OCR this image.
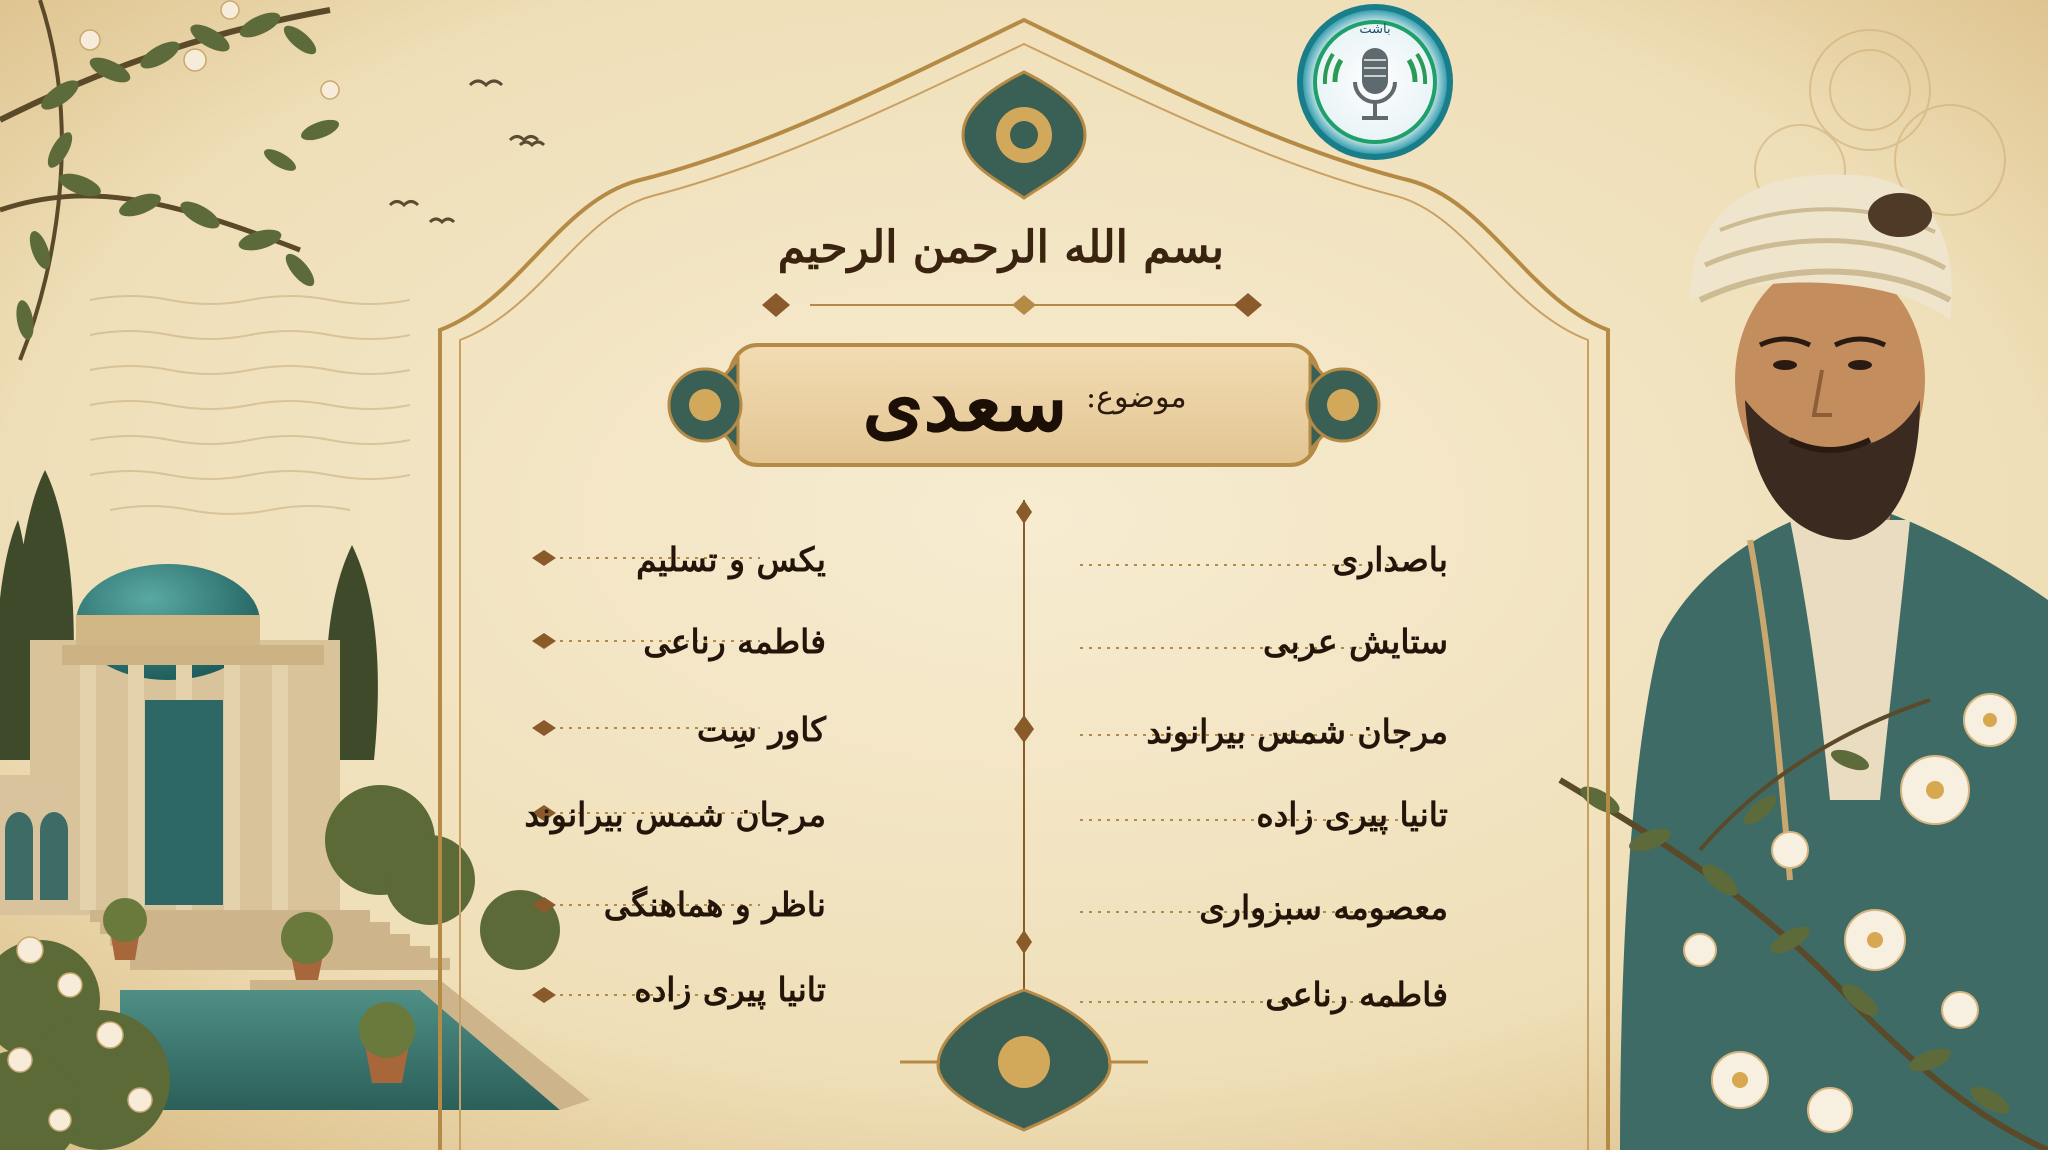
باشت
بسم الله الرحمن الرحیم
موضوع:
سعدی
باصداری
ستایش عربی
مرجان شمس بیرانوند
تانیا پیری زاده
معصومه سبزواری
فاطمه رناعی
یکس و تسلیم
فاطمه رناعی
کاور سِت
مرجان شمس بیرانوند
ناظر و هماهنگی
تانیا پیری زاده
